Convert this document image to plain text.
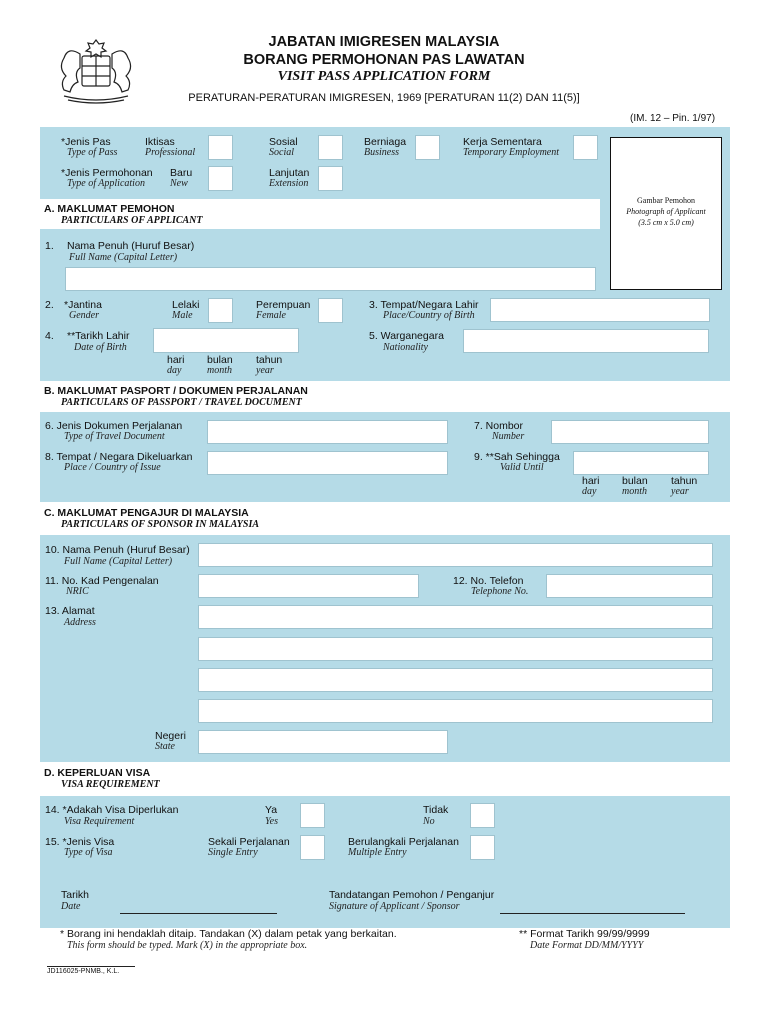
JABATAN IMIGRESEN MALAYSIA
BORANG PERMOHONAN PAS LAWATAN
VISIT PASS APPLICATION FORM
PERATURAN-PERATURAN IMIGRESEN, 1969 [PERATURAN 11(2) DAN 11(5)]
(IM. 12 – Pin. 1/97)
Gambar Pemohon
Photograph of Applicant
(3.5 cm x 5.0 cm)
*Jenis Pas
Type of Pass
Iktisas
Professional
Sosial
Social
Berniaga
Business
Kerja Sementara
Temporary Employment
*Jenis Permohonan
Type of Application
Baru
New
Lanjutan
Extension
A. MAKLUMAT PEMOHON
PARTICULARS OF APPLICANT
1. Nama Penuh (Huruf Besar)
Full Name (Capital Letter)
2. *Jantina
Gender
Lelaki
Male
Perempuan
Female
3. Tempat/Negara Lahir
Place/Country of Birth
4. **Tarikh Lahir
Date of Birth
hari
day
bulan
month
tahun
year
5. Warganegara
Nationality
B. MAKLUMAT PASPORT / DOKUMEN PERJALANAN
PARTICULARS OF PASSPORT / TRAVEL DOCUMENT
6. Jenis Dokumen Perjalanan
Type of Travel Document
7. Nombor
Number
8. Tempat / Negara Dikeluarkan
Place / Country of Issue
9. **Sah Sehingga
Valid Until
hari
day
bulan
month
tahun
year
C. MAKLUMAT PENGAJUR DI MALAYSIA
PARTICULARS OF SPONSOR IN MALAYSIA
10. Nama Penuh (Huruf Besar)
Full Name (Capital Letter)
11. No. Kad Pengenalan
NRIC
12. No. Telefon
Telephone No.
13. Alamat
Address
Negeri
State
D. KEPERLUAN VISA
VISA REQUIREMENT
14. *Adakah Visa Diperlukan
Visa Requirement
Ya
Yes
Tidak
No
15. *Jenis Visa
Type of Visa
Sekali Perjalanan
Single Entry
Berulangkali Perjalanan
Multiple Entry
Tarikh
Date
Tandatangan Pemohon / Penganjur
Signature of Applicant / Sponsor
* Borang ini hendaklah ditaip. Tandakan (X) dalam petak yang berkaitan.
This form should be typed. Mark (X) in the appropriate box.
** Format Tarikh 99/99/9999
Date Format DD/MM/YYYY
JD116025-PNMB., K.L.
